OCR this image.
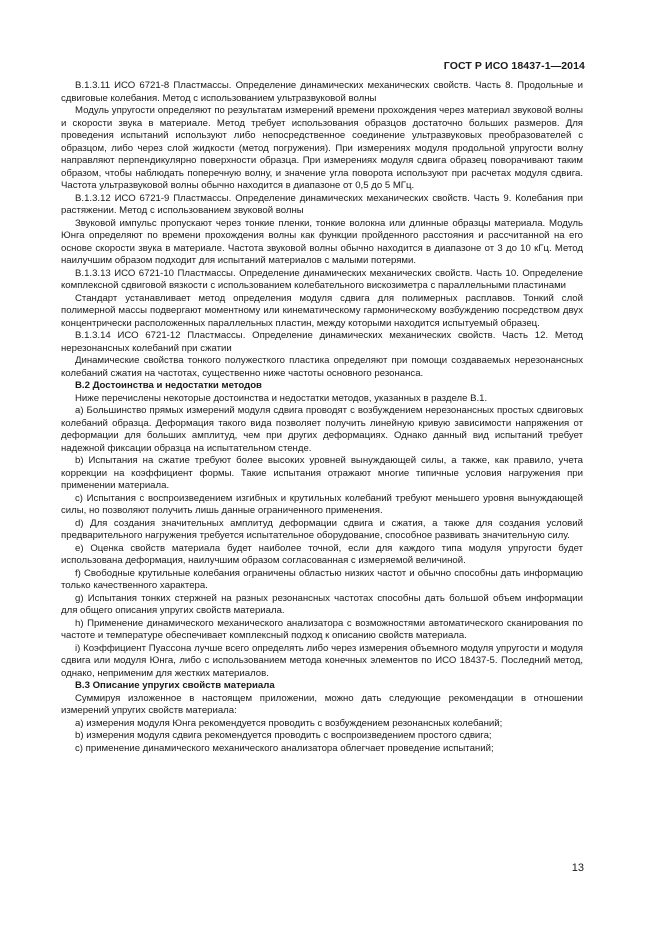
ГОСТ Р ИСО 18437-1—2014

В.1.3.11 ИСО 6721-8 Пластмассы. Определение динамических механических свойств. Часть 8. Продольные и сдвиговые колебания. Метод с использованием ультразвуковой волны

Модуль упругости определяют по результатам измерений времени прохождения через материал звуковой волны и скорости звука в материале. Метод требует использования образцов достаточно больших размеров. Для проведения испытаний используют либо непосредственное соединение ультразвуковых преобразователей с образцом, либо через слой жидкости (метод погружения). При измерениях модуля продольной упругости волну направляют перпендикулярно поверхности образца. При измерениях модуля сдвига образец поворачивают таким образом, чтобы наблюдать поперечную волну, и значение угла поворота используют при расчетах модуля сдвига. Частота ультразвуковой волны обычно находится в диапазоне от 0,5 до 5 МГц.

В.1.3.12 ИСО 6721-9 Пластмассы. Определение динамических механических свойств. Часть 9. Колебания при растяжении. Метод с использованием звуковой волны

Звуковой импульс пропускают через тонкие пленки, тонкие волокна или длинные образцы материала. Модуль Юнга определяют по времени прохождения волны как функции пройденного расстояния и рассчитанной на его основе скорости звука в материале. Частота звуковой волны обычно находится в диапазоне от 3 до 10 кГц. Метод наилучшим образом подходит для испытаний материалов с малыми потерями.

В.1.3.13 ИСО 6721-10 Пластмассы. Определение динамических механических свойств. Часть 10. Определение комплексной сдвиговой вязкости с использованием колебательного вискозиметра с параллельными пластинами

Стандарт устанавливает метод определения модуля сдвига для полимерных расплавов. Тонкий слой полимерной массы подвергают моментному или кинематическому гармоническому возбуждению посредством двух концентрически расположенных параллельных пластин, между которыми находится испытуемый образец.

В.1.3.14 ИСО 6721-12 Пластмассы. Определение динамических механических свойств. Часть 12. Метод нерезонансных колебаний при сжатии

Динамические свойства тонкого полужесткого пластика определяют при помощи создаваемых нерезонансных колебаний сжатия на частотах, существенно ниже частоты основного резонанса.

В.2 Достоинства и недостатки методов

Ниже перечислены некоторые достоинства и недостатки методов, указанных в разделе В.1.

а) Большинство прямых измерений модуля сдвига проводят с возбуждением нерезонансных простых сдвиговых колебаний образца. Деформация такого вида позволяет получить линейную кривую зависимости напряжения от деформации для больших амплитуд, чем при других деформациях. Однако данный вид испытаний требует надежной фиксации образца на испытательном стенде.

b) Испытания на сжатие требуют более высоких уровней вынуждающей силы, а также, как правило, учета коррекции на коэффициент формы. Такие испытания отражают многие типичные условия нагружения при применении материала.

с) Испытания с воспроизведением изгибных и крутильных колебаний требуют меньшего уровня вынуждающей силы, но позволяют получить лишь данные ограниченного применения.

d) Для создания значительных амплитуд деформации сдвига и сжатия, а также для создания условий предварительного нагружения требуется испытательное оборудование, способное развивать значительную силу.

е) Оценка свойств материала будет наиболее точной, если для каждого типа модуля упругости будет использована деформация, наилучшим образом согласованная с измеряемой величиной.

f) Свободные крутильные колебания ограничены областью низких частот и обычно способны дать информацию только качественного характера.

g) Испытания тонких стержней на разных резонансных частотах способны дать большой объем информации для общего описания упругих свойств материала.

h) Применение динамического механического анализатора с возможностями автоматического сканирования по частоте и температуре обеспечивает комплексный подход к описанию свойств материала.

i) Коэффициент Пуассона лучше всего определять либо через измерения объемного модуля упругости и модуля сдвига или модуля Юнга, либо с использованием метода конечных элементов по ИСО 18437-5. Последний метод, однако, неприменим для жестких материалов.

В.3 Описание упругих свойств материала

Суммируя изложенное в настоящем приложении, можно дать следующие рекомендации в отношении измерений упругих свойств материала:

а) измерения модуля Юнга рекомендуется проводить с возбуждением резонансных колебаний;

b) измерения модуля сдвига рекомендуется проводить с воспроизведением простого сдвига;

с) применение динамического механического анализатора облегчает проведение испытаний;

13
